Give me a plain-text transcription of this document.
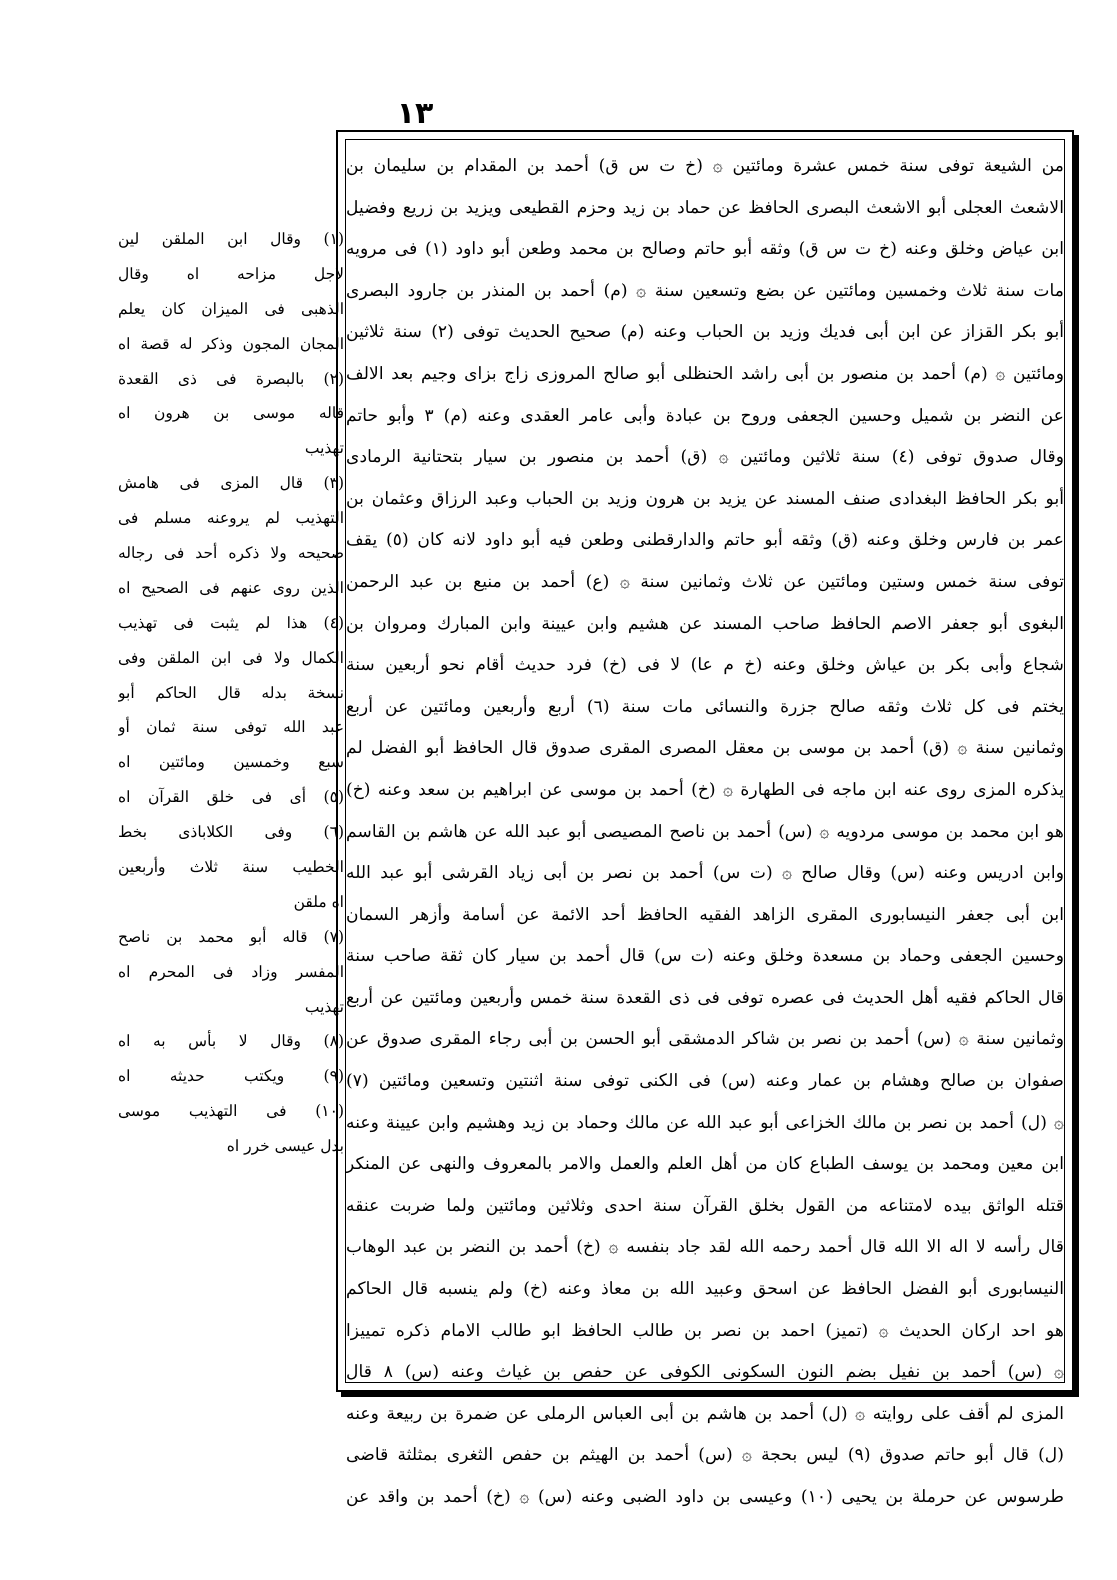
١٣
من الشيعة توفى سنة خمس عشرة ومائتين ۞ (خ ت س ق) أحمد بن المقدام بن سليمان بن
الاشعث العجلى أبو الاشعث البصرى الحافظ عن حماد بن زيد وحزم القطيعى ويزيد بن زريع وفضيل
ابن عياض وخلق وعنه (خ ت س ق) وثقه أبو حاتم وصالح بن محمد وطعن أبو داود (١) فى مرويه
مات سنة ثلاث وخمسين ومائتين عن بضع وتسعين سنة ۞ (م) أحمد بن المنذر بن جارود البصرى
أبو بكر القزاز عن ابن أبى فديك وزيد بن الحباب وعنه (م) صحيح الحديث توفى (٢) سنة ثلاثين
ومائتين ۞ (م) أحمد بن منصور بن أبى راشد الحنظلى أبو صالح المروزى زاج بزاى وجيم بعد الالف
عن النضر بن شميل وحسين الجعفى وروح بن عبادة وأبى عامر العقدى وعنه (م) ٣ وأبو حاتم
وقال صدوق توفى (٤) سنة ثلاثين ومائتين ۞ (ق) أحمد بن منصور بن سيار بتحتانية الرمادى
أبو بكر الحافظ البغدادى صنف المسند عن يزيد بن هرون وزيد بن الحباب وعبد الرزاق وعثمان بن
عمر بن فارس وخلق وعنه (ق) وثقه أبو حاتم والدارقطنى وطعن فيه أبو داود لانه كان (٥) يقف
توفى سنة خمس وستين ومائتين عن ثلاث وثمانين سنة ۞ (ع) أحمد بن منيع بن عبد الرحمن
البغوى أبو جعفر الاصم الحافظ صاحب المسند عن هشيم وابن عيينة وابن المبارك ومروان بن
شجاع وأبى بكر بن عياش وخلق وعنه (خ م عا) لا فى (خ) فرد حديث أقام نحو أربعين سنة
يختم فى كل ثلاث وثقه صالح جزرة والنسائى مات سنة (٦) أربع وأربعين ومائتين عن أربع
وثمانين سنة ۞ (ق) أحمد بن موسى بن معقل المصرى المقرى صدوق قال الحافظ أبو الفضل لم
يذكره المزى روى عنه ابن ماجه فى الطهارة ۞ (خ) أحمد بن موسى عن ابراهيم بن سعد وعنه (خ)
هو ابن محمد بن موسى مردويه ۞ (س) أحمد بن ناصح المصيصى أبو عبد الله عن هاشم بن القاسم
وابن ادريس وعنه (س) وقال صالح ۞ (ت س) أحمد بن نصر بن أبى زياد القرشى أبو عبد الله
ابن أبى جعفر النيسابورى المقرى الزاهد الفقيه الحافظ أحد الائمة عن أسامة وأزهر السمان
وحسين الجعفى وحماد بن مسعدة وخلق وعنه (ت س) قال أحمد بن سيار كان ثقة صاحب سنة
قال الحاكم فقيه أهل الحديث فى عصره توفى فى ذى القعدة سنة خمس وأربعين ومائتين عن أربع
وثمانين سنة ۞ (س) أحمد بن نصر بن شاكر الدمشقى أبو الحسن بن أبى رجاء المقرى صدوق عن
صفوان بن صالح وهشام بن عمار وعنه (س) فى الكنى توفى سنة اثنتين وتسعين ومائتين (٧)
۞ (ل) أحمد بن نصر بن مالك الخزاعى أبو عبد الله عن مالك وحماد بن زيد وهشيم وابن عيينة وعنه
ابن معين ومحمد بن يوسف الطباع كان من أهل العلم والعمل والامر بالمعروف والنهى عن المنكر
قتله الواثق بيده لامتناعه من القول بخلق القرآن سنة احدى وثلاثين ومائتين ولما ضربت عنقه
قال رأسه لا اله الا الله قال أحمد رحمه الله لقد جاد بنفسه ۞ (خ) أحمد بن النضر بن عبد الوهاب
النيسابورى أبو الفضل الحافظ عن اسحق وعبيد الله بن معاذ وعنه (خ) ولم ينسبه قال الحاكم
هو احد اركان الحديث ۞ (تميز) احمد بن نصر بن طالب الحافظ ابو طالب الامام ذكره تمييزا
۞ (س) أحمد بن نفيل بضم النون السكونى الكوفى عن حفص بن غياث وعنه (س) ٨ قال
المزى لم أقف على روايته ۞ (ل) أحمد بن هاشم بن أبى العباس الرملى عن ضمرة بن ربيعة وعنه
(ل) قال أبو حاتم صدوق (٩) ليس بحجة ۞ (س) أحمد بن الهيثم بن حفص الثغرى بمثلثة قاضى
طرسوس عن حرملة بن يحيى (١٠) وعيسى بن داود الضبى وعنه (س) ۞ (خ) أحمد بن واقد عن
(١) وقال ابن الملقن لين
لاجل مزاحه اه وقال
الذهبى فى الميزان كان يعلم
المجان المجون وذكر له قصة اه
(٢) بالبصرة فى ذى القعدة
قاله موسى بن هرون اه
تهذيب
(٣) قال المزى فى هامش
التهذيب لم يروعنه مسلم فى
صحيحه ولا ذكره أحد فى رجاله
الذين روى عنهم فى الصحيح اه
(٤) هذا لم يثبت فى تهذيب
الكمال ولا فى ابن الملقن وفى
نسخة بدله قال الحاكم أبو
عبد الله توفى سنة ثمان أو
سبع وخمسين ومائتين اه
(٥) أى فى خلق القرآن اه
(٦) وفى الكلاباذى بخط
الخطيب سنة ثلاث وأربعين
اه ملقن
(٧) قاله أبو محمد بن ناصح
المفسر وزاد فى المحرم اه
تهذيب
(٨) وقال لا بأس به اه
(٩) ويكتب حديثه اه
(١٠) فى التهذيب موسى
بدل عيسى خرر اه
